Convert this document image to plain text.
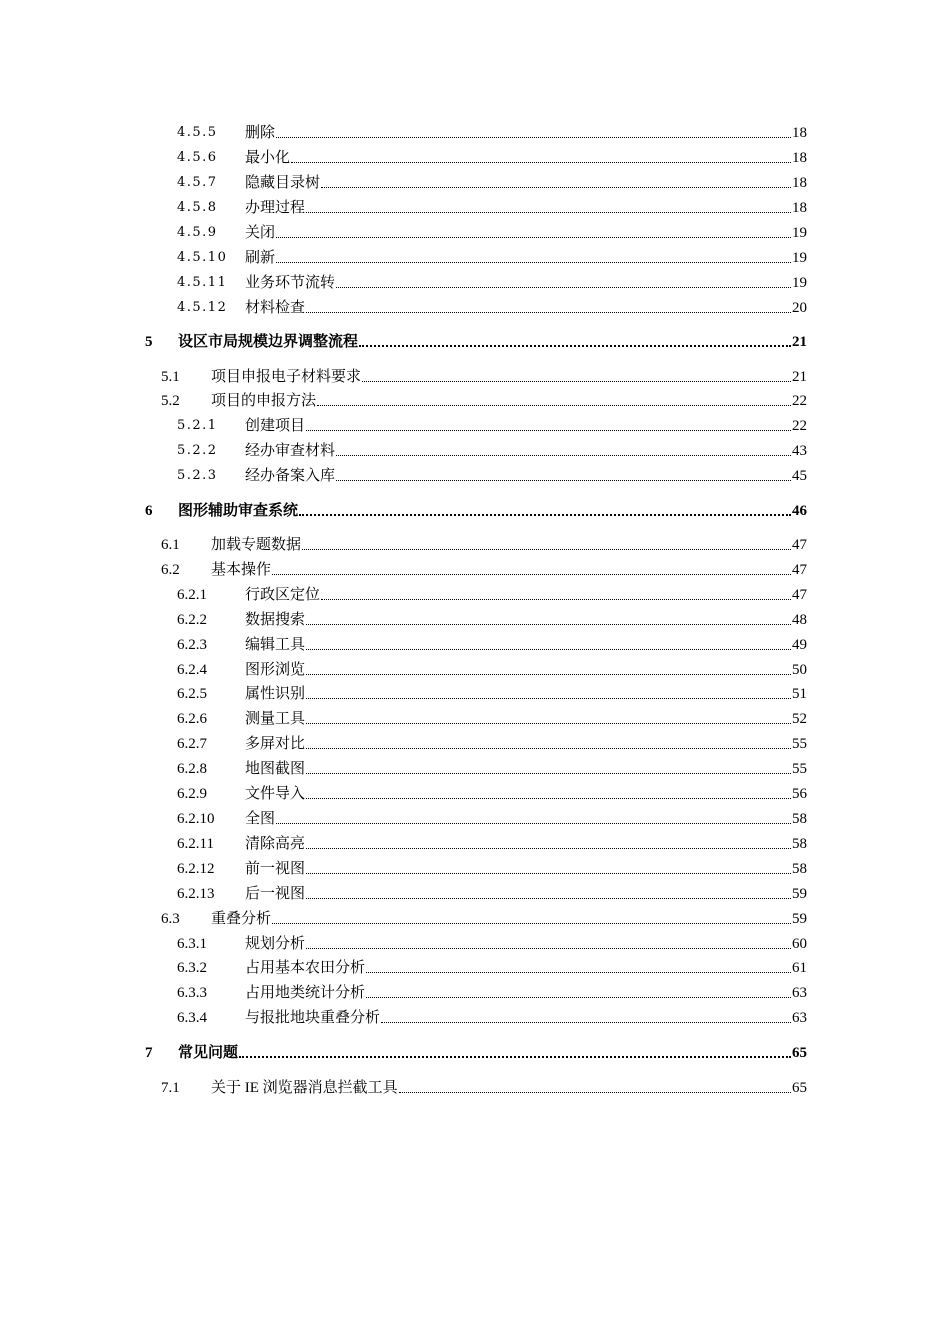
4.5.5	删除	18
4.5.6	最小化	18
4.5.7	隐藏目录树	18
4.5.8	办理过程	18
4.5.9	关闭	19
4.5.10	刷新	19
4.5.11	业务环节流转	19
4.5.12	材料检查	20
5	设区市局规模边界调整流程	21
5.1	项目申报电子材料要求	21
5.2	项目的申报方法	22
5.2.1	创建项目	22
5.2.2	经办审查材料	43
5.2.3	经办备案入库	45
6	图形辅助审查系统	46
6.1	加载专题数据	47
6.2	基本操作	47
6.2.1	行政区定位	47
6.2.2	数据搜索	48
6.2.3	编辑工具	49
6.2.4	图形浏览	50
6.2.5	属性识别	51
6.2.6	测量工具	52
6.2.7	多屏对比	55
6.2.8	地图截图	55
6.2.9	文件导入	56
6.2.10	全图	58
6.2.11	清除高亮	58
6.2.12	前一视图	58
6.2.13	后一视图	59
6.3	重叠分析	59
6.3.1	规划分析	60
6.3.2	占用基本农田分析	61
6.3.3	占用地类统计分析	63
6.3.4	与报批地块重叠分析	63
7	常见问题	65
7.1	关于 IE 浏览器消息拦截工具	65
